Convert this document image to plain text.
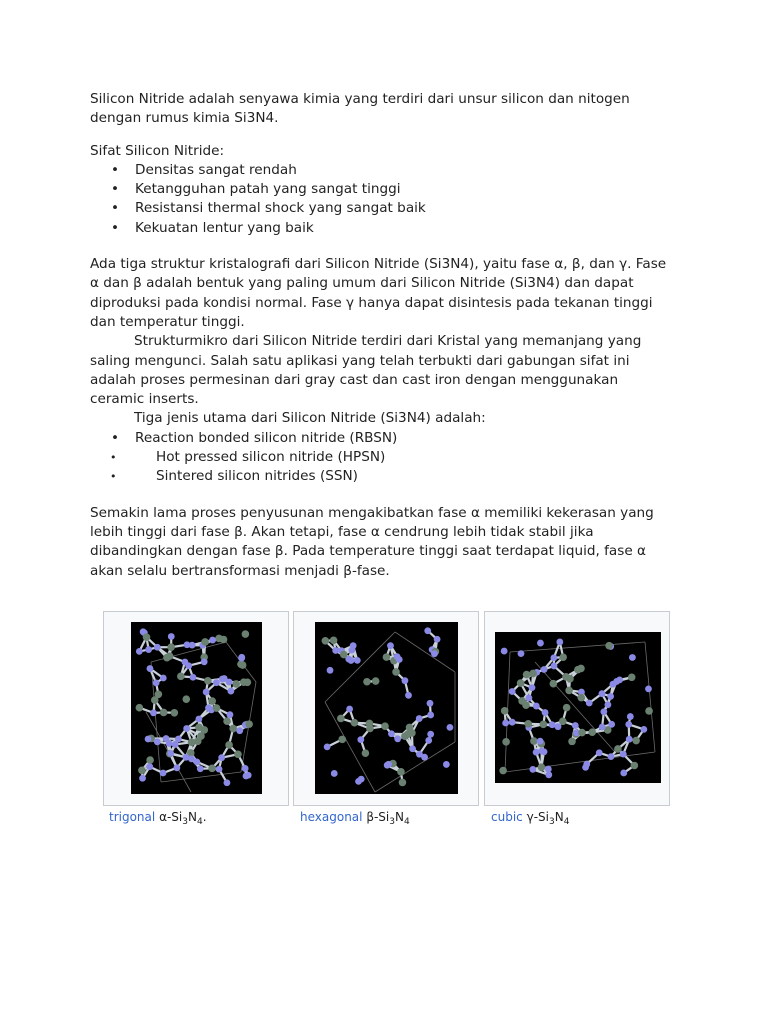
Silicon Nitride adalah senyawa kimia yang terdiri dari unsur silicon dan nitogen

dengan rumus kimia Si3N4.

Sifat Silicon Nitride:

• Densitas sangat rendah
• Ketangguhan patah yang sangat tinggi
• Resistansi thermal shock yang sangat baik
• Kekuatan lentur yang baik

Ada tiga struktur kristalografi dari Silicon Nitride (Si3N4), yaitu fase α, β, dan γ. Fase

α dan β adalah bentuk yang paling umum dari Silicon Nitride (Si3N4) dan dapat

diproduksi pada kondisi normal. Fase γ hanya dapat disintesis pada tekanan tinggi

dan temperatur tinggi.

Strukturmikro dari Silicon Nitride terdiri dari Kristal yang memanjang yang

saling mengunci. Salah satu aplikasi yang telah terbukti dari gabungan sifat ini

adalah proses permesinan dari gray cast dan cast iron dengan menggunakan

ceramic inserts.

Tiga jenis utama dari Silicon Nitride (Si3N4) adalah:

• Reaction bonded silicon nitride (RBSN)
• Hot pressed silicon nitride (HPSN)
• Sintered silicon nitrides (SSN)

Semakin lama proses penyusunan mengakibatkan fase α memiliki kekerasan yang

lebih tinggi dari fase β. Akan tetapi, fase α cendrung lebih tidak stabil jika

dibandingkan dengan fase β. Pada temperature tinggi saat terdapat liquid, fase α

akan selalu bertransformasi menjadi β-fase.

trigonal $\alpha-Si_3N_4$.	hexagonal $\beta-Si_3N_4$	cubic $\gamma-Si_3N_4$
